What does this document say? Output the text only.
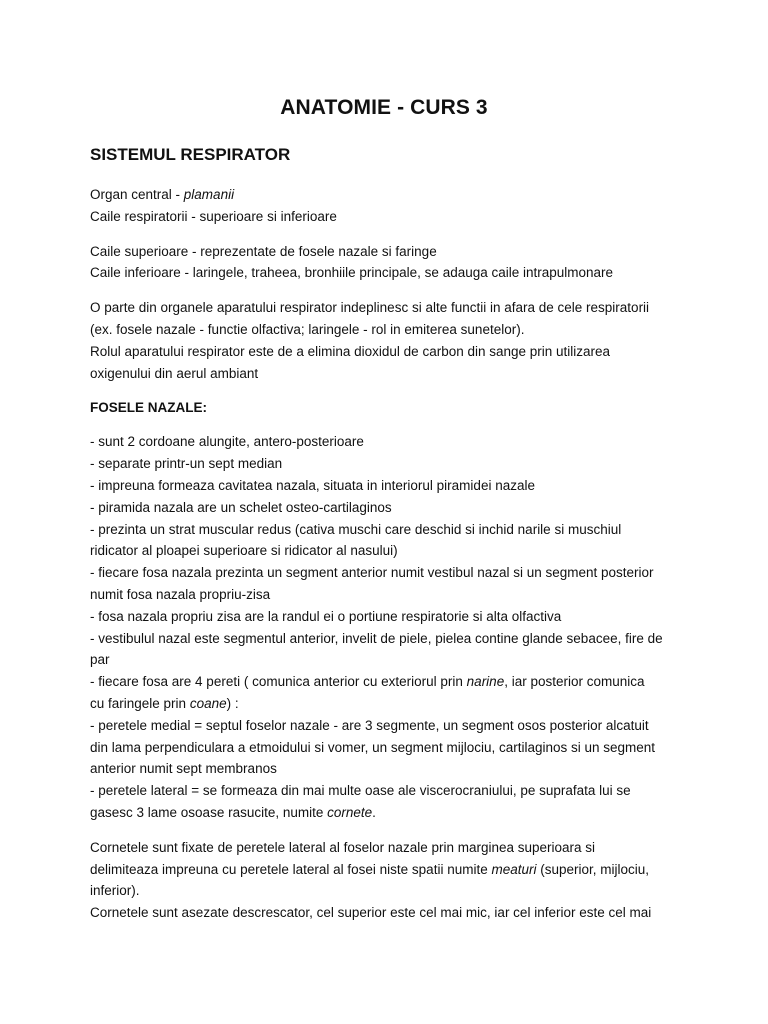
ANATOMIE - CURS 3
SISTEMUL RESPIRATOR
Organ central - plamanii
Caile respiratorii - superioare si inferioare
Caile superioare - reprezentate de fosele nazale si faringe
Caile inferioare - laringele, traheea, bronhiile principale, se adauga caile intrapulmonare
O parte din organele aparatului respirator indeplinesc si alte functii in afara de cele respiratorii
(ex. fosele nazale - functie olfactiva; laringele - rol in emiterea sunetelor).
Rolul aparatului respirator este de a elimina dioxidul de carbon din sange prin utilizarea
oxigenului din aerul ambiant
FOSELE NAZALE:
- sunt 2 cordoane alungite, antero-posterioare
- separate printr-un sept median
- impreuna formeaza cavitatea nazala, situata in interiorul piramidei nazale
- piramida nazala are un schelet osteo-cartilaginos
- prezinta un strat muscular redus (cativa muschi care deschid si inchid narile si muschiul
ridicator al ploapei superioare si ridicator al nasului)
- fiecare fosa nazala prezinta un segment anterior numit vestibul nazal si un segment posterior
numit fosa nazala propriu-zisa
- fosa nazala propriu zisa are la randul ei o portiune respiratorie si alta olfactiva
- vestibulul nazal este segmentul anterior, invelit de piele, pielea contine glande sebacee, fire de
par
- fiecare fosa are 4 pereti ( comunica anterior cu exteriorul prin narine, iar posterior comunica
cu faringele prin coane) :
- peretele medial = septul foselor nazale - are 3 segmente, un segment osos posterior alcatuit
din lama perpendiculara a etmoidului si vomer, un segment mijlociu, cartilaginos si un segment
anterior numit sept membranos
- peretele lateral = se formeaza din mai multe oase ale viscerocraniului, pe suprafata lui se
gasesc 3 lame osoase rasucite, numite cornete.
Cornetele sunt fixate de peretele lateral al foselor nazale prin marginea superioara si
delimiteaza impreuna cu peretele lateral al fosei niste spatii numite meaturi (superior, mijlociu,
inferior).
Cornetele sunt asezate descrescator, cel superior este cel mai mic, iar cel inferior este cel mai
